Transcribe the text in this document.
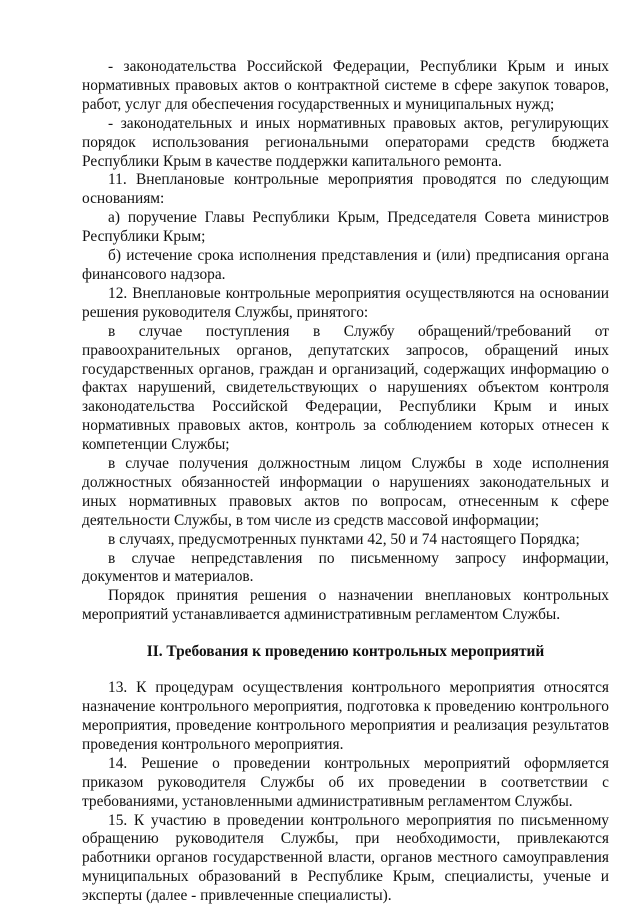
- законодательства Российской Федерации, Республики Крым и иных нормативных правовых актов о контрактной системе в сфере закупок товаров, работ, услуг для обеспечения государственных и муниципальных нужд;

- законодательных и иных нормативных правовых актов, регулирующих порядок использования региональными операторами средств бюджета Республики Крым в качестве поддержки капитального ремонта.

11. Внеплановые контрольные мероприятия проводятся по следующим основаниям:

а) поручение Главы Республики Крым, Председателя Совета министров Республики Крым;

б) истечение срока исполнения представления и (или) предписания органа финансового надзора.

12. Внеплановые контрольные мероприятия осуществляются на основании решения руководителя Службы, принятого:

в случае поступления в Службу обращений/требований от правоохранительных органов, депутатских запросов, обращений иных государственных органов, граждан и организаций, содержащих информацию о фактах нарушений, свидетельствующих о нарушениях объектом контроля законодательства Российской Федерации, Республики Крым и иных нормативных правовых актов, контроль за соблюдением которых отнесен к компетенции Службы;

в случае получения должностным лицом Службы в ходе исполнения должностных обязанностей информации о нарушениях законодательных и иных нормативных правовых актов по вопросам, отнесенным к сфере деятельности Службы, в том числе из средств массовой информации;

в случаях, предусмотренных пунктами 42, 50 и 74 настоящего Порядка;

в случае непредставления по письменному запросу информации, документов и материалов.

Порядок принятия решения о назначении внеплановых контрольных мероприятий устанавливается административным регламентом Службы.

II. Требования к проведению контрольных мероприятий

13. К процедурам осуществления контрольного мероприятия относятся назначение контрольного мероприятия, подготовка к проведению контрольного мероприятия, проведение контрольного мероприятия и реализация результатов проведения контрольного мероприятия.

14. Решение о проведении контрольных мероприятий оформляется приказом руководителя Службы об их проведении в соответствии с требованиями, установленными административным регламентом Службы.

15. К участию в проведении контрольного мероприятия по письменному обращению руководителя Службы, при необходимости, привлекаются работники органов государственной власти, органов местного самоуправления муниципальных образований в Республике Крым, специалисты, ученые и эксперты (далее - привлеченные специалисты).
